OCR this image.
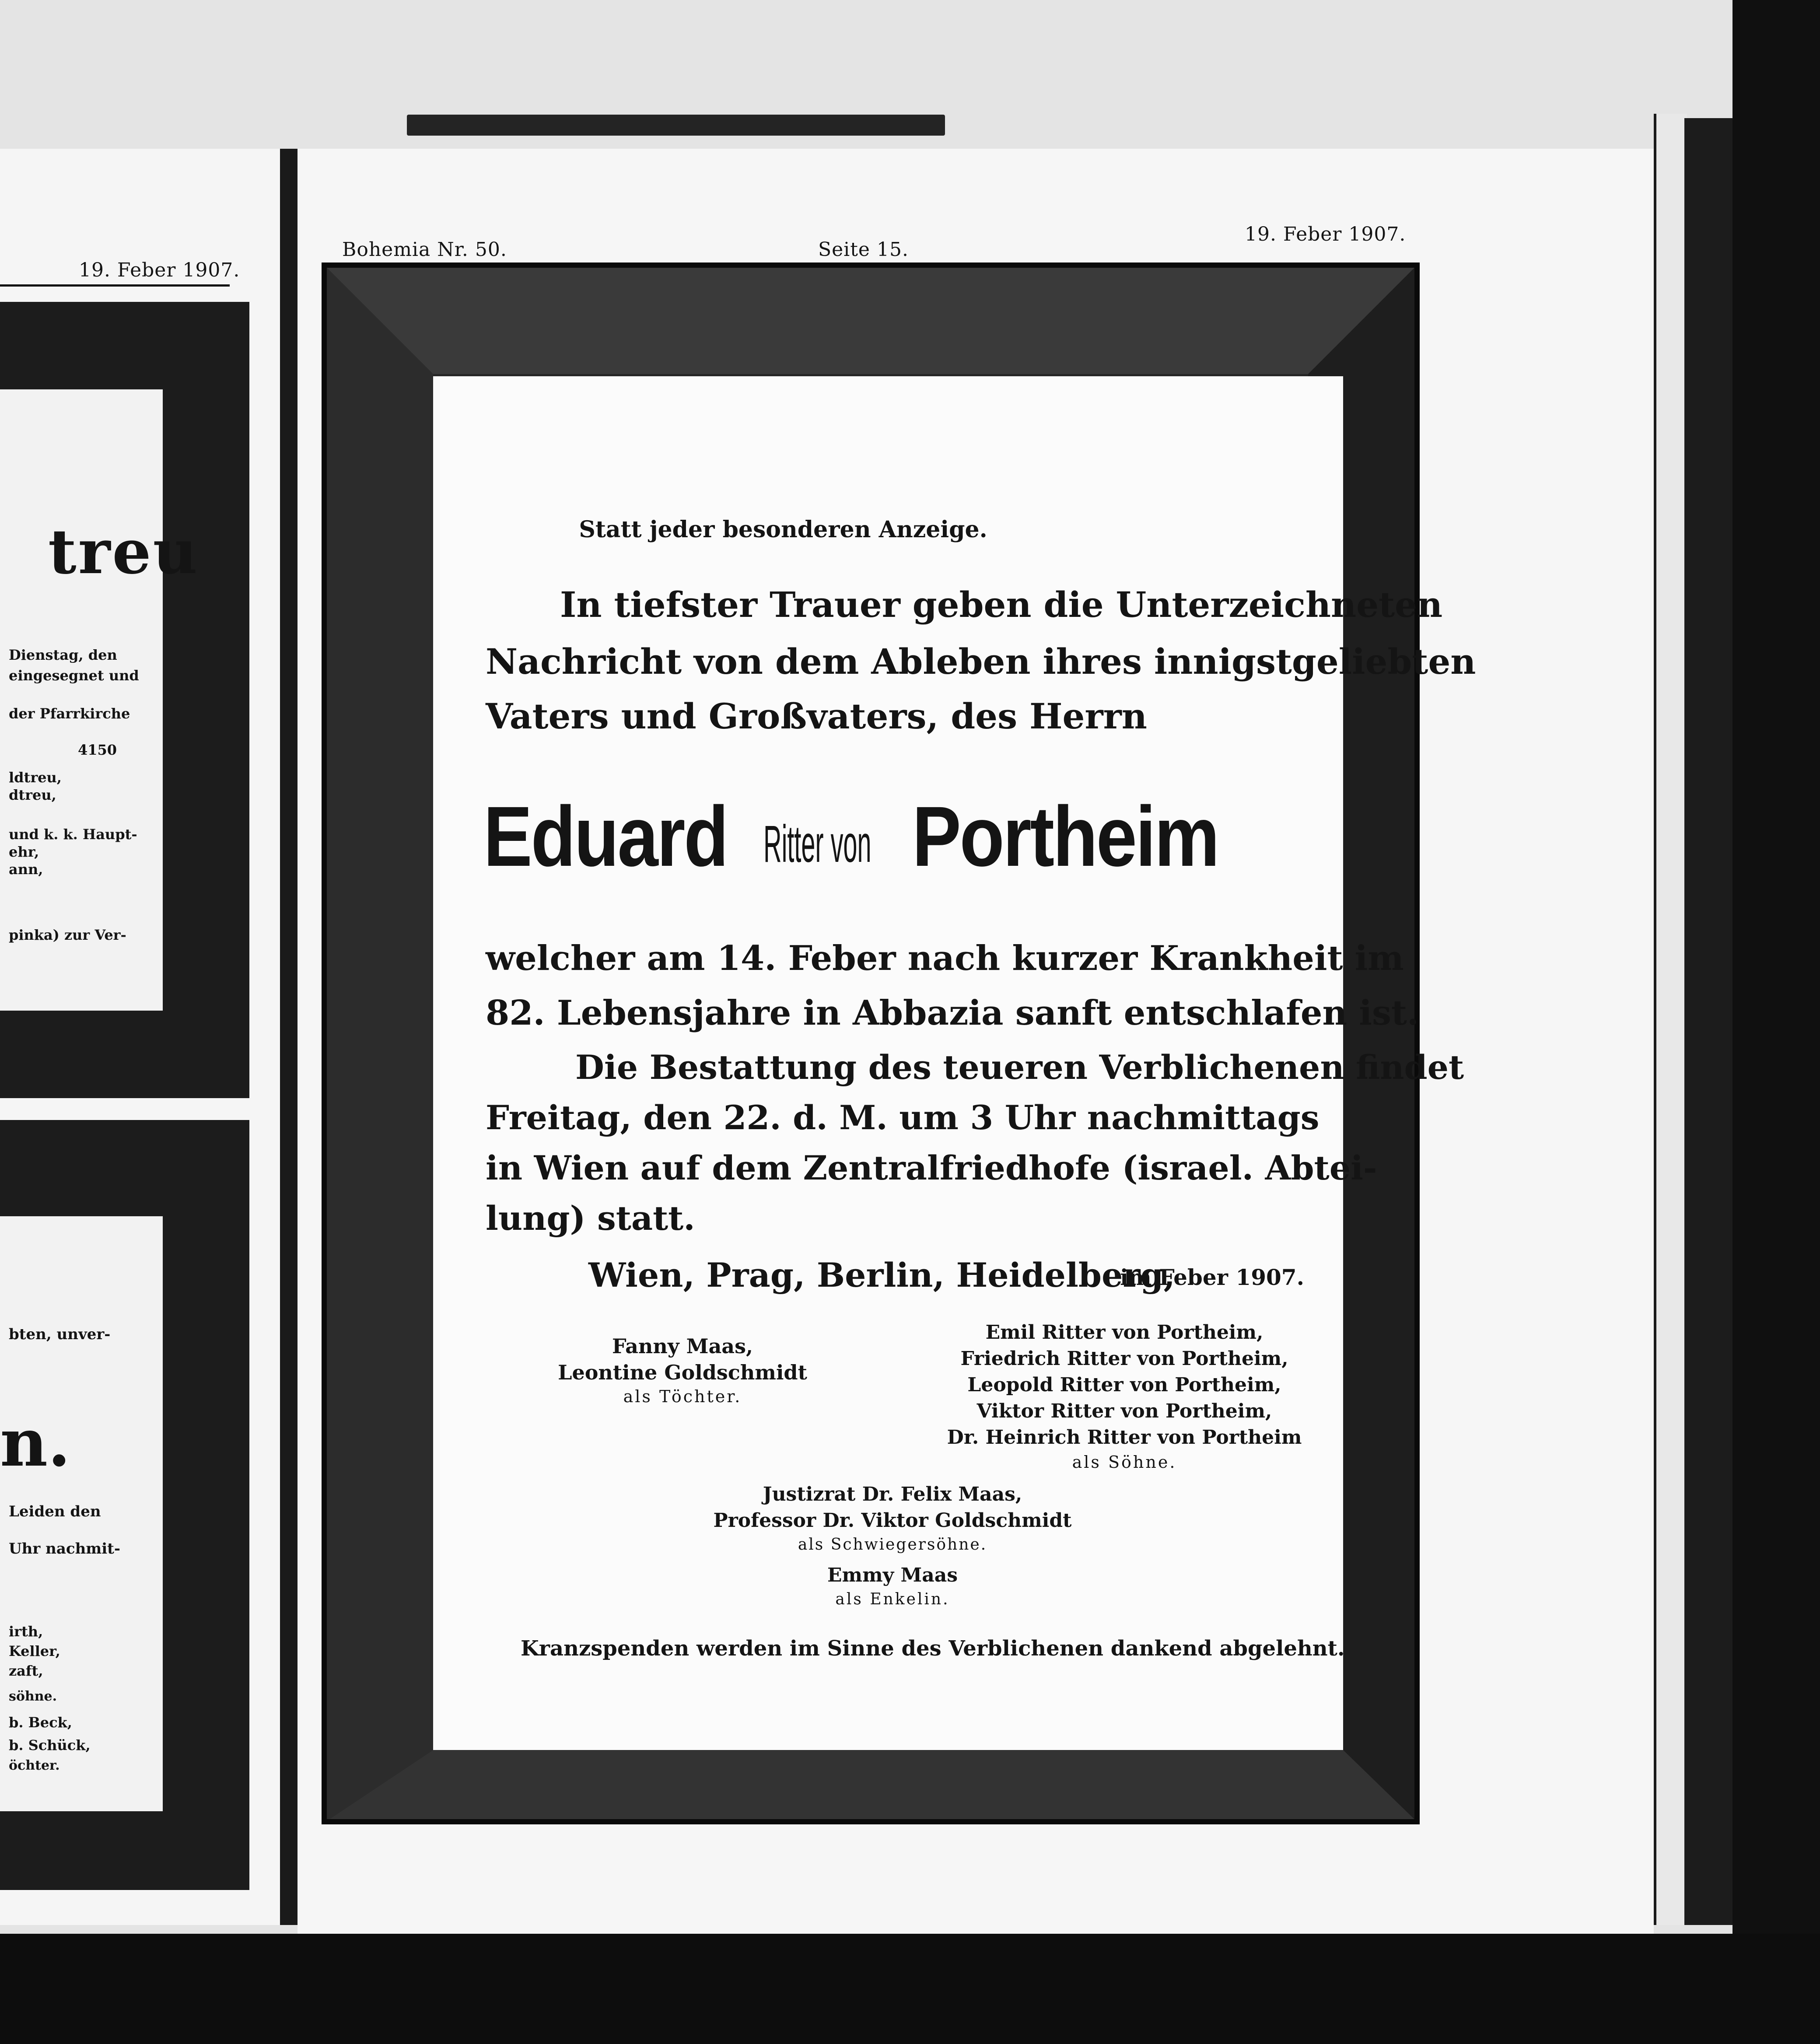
19. Feber 1907.
treu
Dienstag, den
eingesegnet und
der Pfarrkirche
4150
ldtreu,
dtreu,
und k. k. Haupt-
ehr,
ann,
pinka) zur Ver-
bten, unver-
n.
Leiden den
Uhr nachmit-
irth,
Keller,
zaft,
söhne.
b. Beck,
b. Schück,
öchter.
Bohemia Nr. 50.	Seite 15.
19. Feber 1907.
Statt jeder besonderen Anzeige.
In tiefster Trauer geben die Unterzeichneten
Nachricht von dem Ableben ihres innigstgeliebten
Vaters und Großvaters, des Herrn
Eduard Ritter von Portheim
welcher am 14. Feber nach kurzer Krankheit im
82. Lebensjahre in Abbazia sanft entschlafen ist.
Die Bestattung des teueren Verblichenen findet
Freitag, den 22. d. M. um 3 Uhr nachmittags
in Wien auf dem Zentralfriedhofe (israel. Abtei-
lung) statt.
Wien, Prag, Berlin, Heidelberg,
im Feber 1907.
Fanny Maas,
Leontine Goldschmidt
als Töchter.
Emil Ritter von Portheim,
Friedrich Ritter von Portheim,
Leopold Ritter von Portheim,
Viktor Ritter von Portheim,
Dr. Heinrich Ritter von Portheim
als Söhne.
Justizrat Dr. Felix Maas,
Professor Dr. Viktor Goldschmidt
als Schwiegersöhne.
Emmy Maas
als Enkelin.
Kranzspenden werden im Sinne des Verblichenen dankend abgelehnt.
